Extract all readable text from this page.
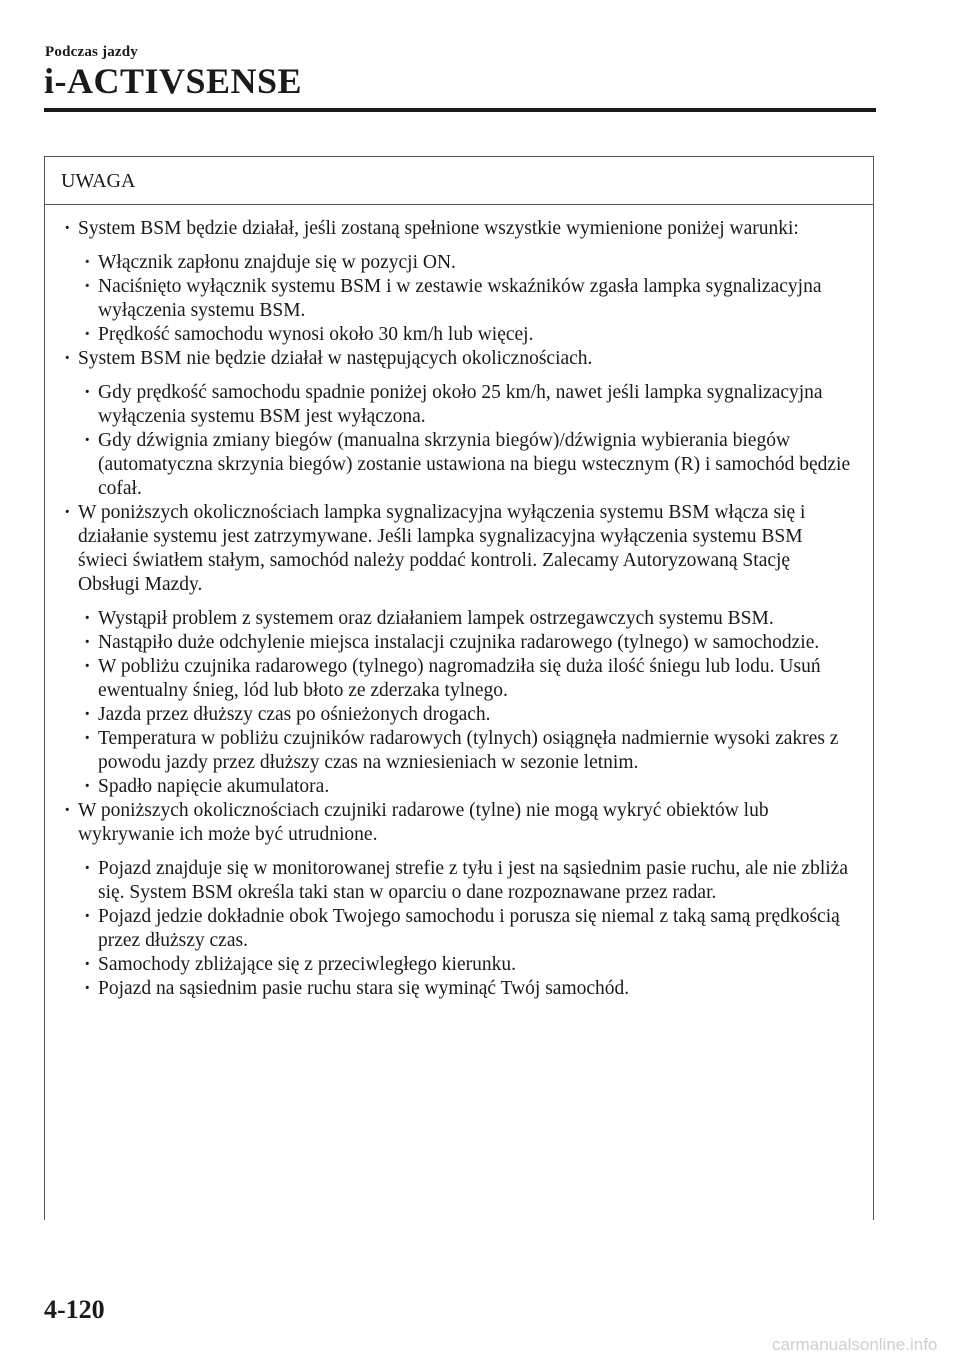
Podczas jazdy
i-ACTIVSENSE
UWAGA
· System BSM będzie działał, jeśli zostaną spełnione wszystkie wymienione poniżej warunki:
· Włącznik zapłonu znajduje się w pozycji ON.
· Naciśnięto wyłącznik systemu BSM i w zestawie wskaźników zgasła lampka sygnalizacyjna wyłączenia systemu BSM.
· Prędkość samochodu wynosi około 30 km/h lub więcej.
· System BSM nie będzie działał w następujących okolicznościach.
· Gdy prędkość samochodu spadnie poniżej około 25 km/h, nawet jeśli lampka sygnalizacyjna wyłączenia systemu BSM jest wyłączona.
· Gdy dźwignia zmiany biegów (manualna skrzynia biegów)/dźwignia wybierania biegów (automatyczna skrzynia biegów) zostanie ustawiona na biegu wstecznym (R) i samochód będzie cofał.
· W poniższych okolicznościach lampka sygnalizacyjna wyłączenia systemu BSM włącza się i działanie systemu jest zatrzymywane. Jeśli lampka sygnalizacyjna wyłączenia systemu BSM świeci światłem stałym, samochód należy poddać kontroli. Zalecamy Autoryzowaną Stację Obsługi Mazdy.
· Wystąpił problem z systemem oraz działaniem lampek ostrzegawczych systemu BSM.
· Nastąpiło duże odchylenie miejsca instalacji czujnika radarowego (tylnego) w samochodzie.
· W pobliżu czujnika radarowego (tylnego) nagromadziła się duża ilość śniegu lub lodu. Usuń ewentualny śnieg, lód lub błoto ze zderzaka tylnego.
· Jazda przez dłuższy czas po ośnieżonych drogach.
· Temperatura w pobliżu czujników radarowych (tylnych) osiągnęła nadmiernie wysoki zakres z powodu jazdy przez dłuższy czas na wzniesieniach w sezonie letnim.
· Spadło napięcie akumulatora.
· W poniższych okolicznościach czujniki radarowe (tylne) nie mogą wykryć obiektów lub wykrywanie ich może być utrudnione.
· Pojazd znajduje się w monitorowanej strefie z tyłu i jest na sąsiednim pasie ruchu, ale nie zbliża się. System BSM określa taki stan w oparciu o dane rozpoznawane przez radar.
· Pojazd jedzie dokładnie obok Twojego samochodu i porusza się niemal z taką samą prędkością przez dłuższy czas.
· Samochody zbliżające się z przeciwległego kierunku.
· Pojazd na sąsiednim pasie ruchu stara się wyminąć Twój samochód.
4-120
carmanualsonline.info
